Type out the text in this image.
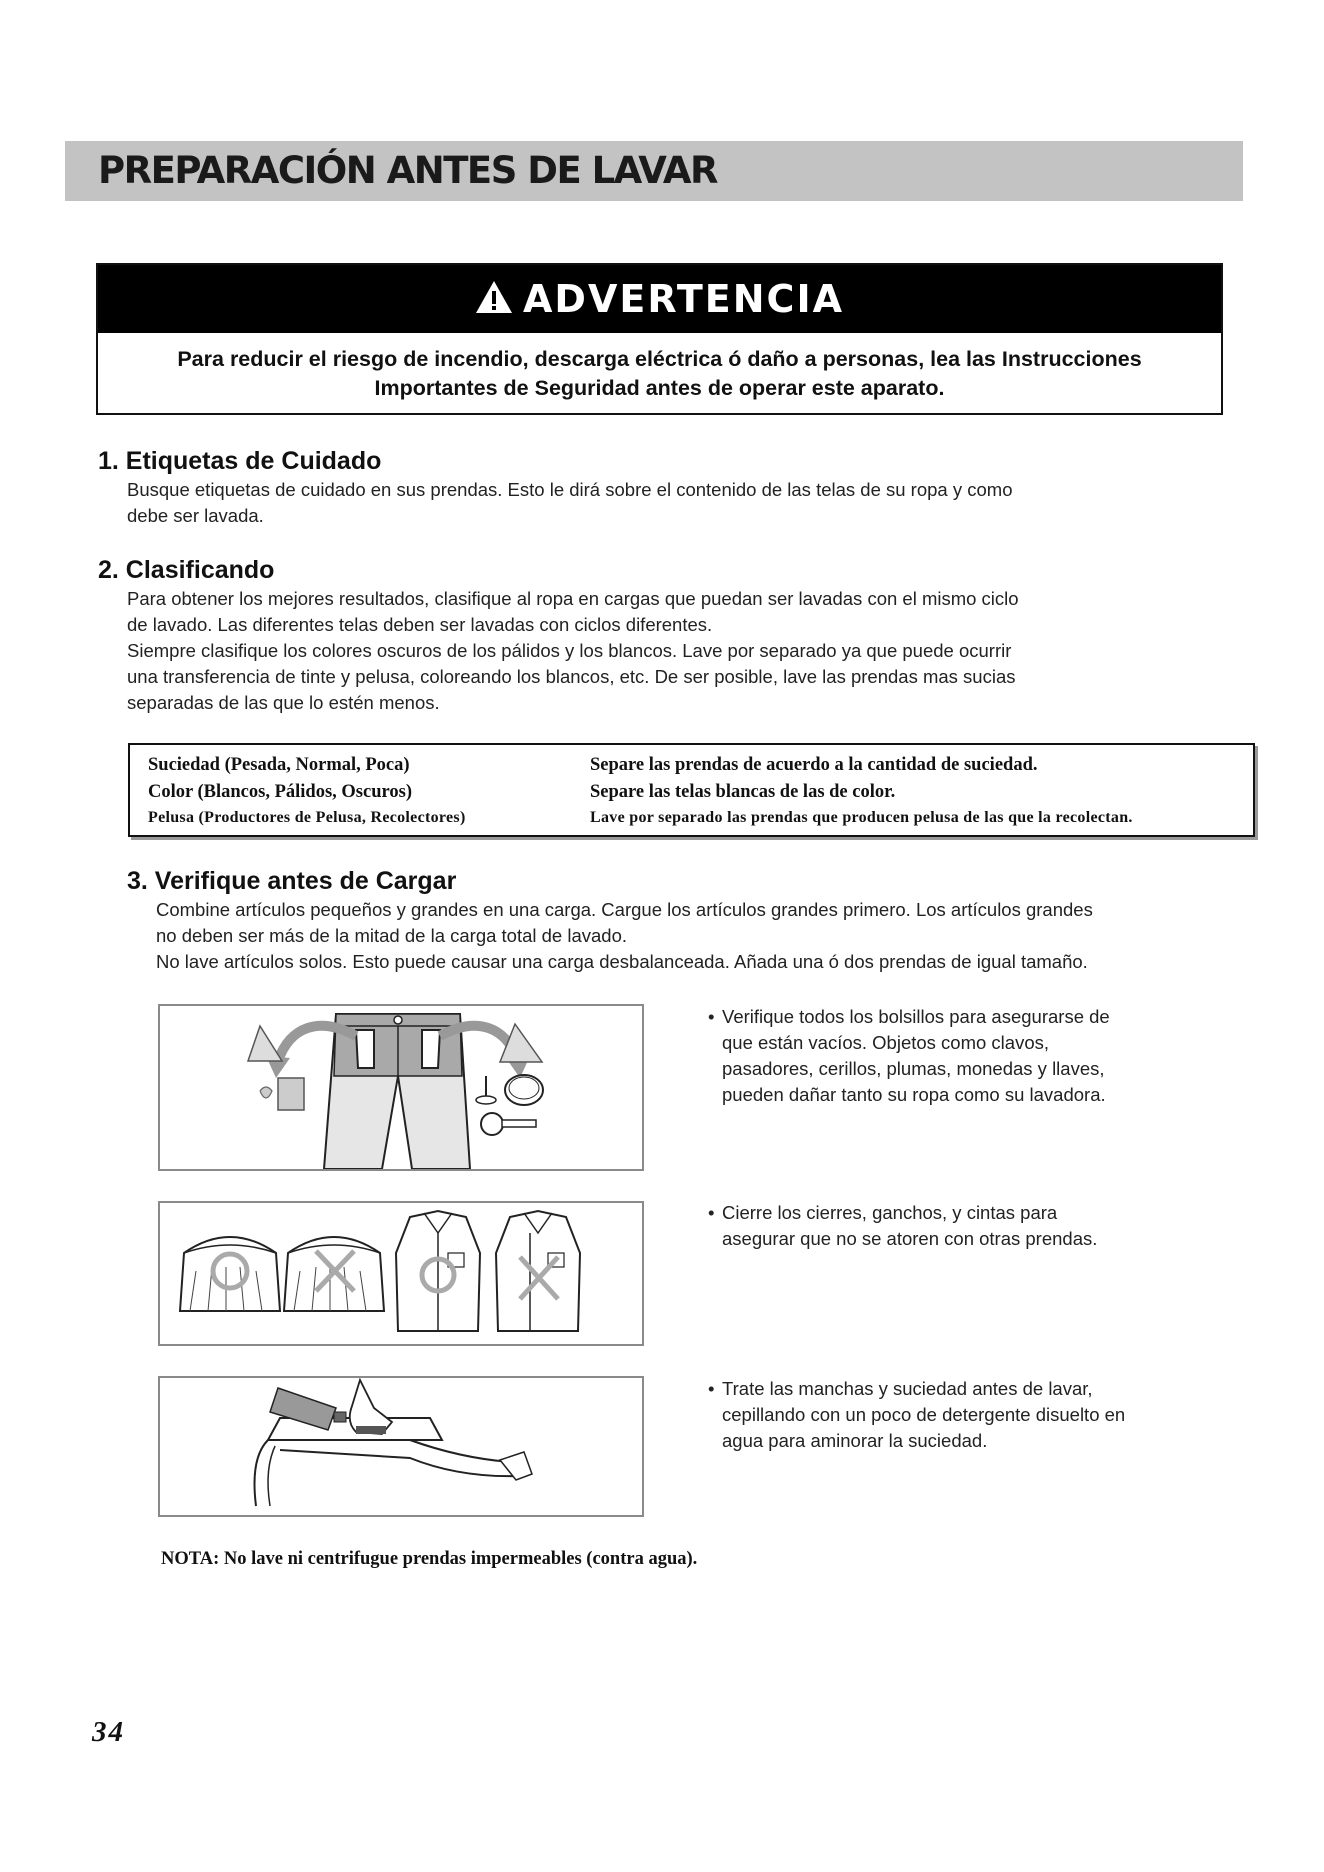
PREPARACIÓN ANTES DE LAVAR
ADVERTENCIA
Para reducir el riesgo de incendio, descarga eléctrica ó daño a personas, lea las Instrucciones
Importantes de Seguridad antes de operar este aparato.
1. Etiquetas de Cuidado
Busque etiquetas de cuidado en sus prendas. Esto le dirá sobre el contenido de las telas de su ropa y como
debe ser lavada.
2. Clasificando
Para obtener los mejores resultados, clasifique al ropa en cargas que puedan ser lavadas con el mismo ciclo
de lavado. Las diferentes telas deben ser lavadas con ciclos diferentes.
Siempre clasifique los colores oscuros de los pálidos y los blancos. Lave por separado ya que puede ocurrir
una transferencia de tinte y pelusa, coloreando los blancos, etc. De ser posible, lave las prendas mas sucias
separadas de las que lo estén menos.
Suciedad (Pesada, Normal, Poca)	Separe las prendas de acuerdo a la cantidad de suciedad.
Color (Blancos, Pálidos, Oscuros)	Separe las telas blancas de las de color.
Pelusa (Productores de Pelusa, Recolectores)	Lave por separado las prendas que producen pelusa de las que la recolectan.
3. Verifique antes de Cargar
Combine artículos pequeños y grandes en una carga. Cargue los artículos grandes primero. Los artículos grandes
no deben ser más de la mitad de la carga total de lavado.
No lave artículos solos. Esto puede causar una carga desbalanceada. Añada una ó dos prendas de igual tamaño.
• Verifique todos los bolsillos para asegurarse de
que están vacíos. Objetos como clavos,
pasadores, cerillos, plumas, monedas y llaves,
pueden dañar tanto su ropa como su lavadora.
• Cierre los cierres, ganchos, y cintas para
asegurar que no se atoren con otras prendas.
• Trate las manchas y suciedad antes de lavar,
cepillando con un poco de detergente disuelto en
agua para aminorar la suciedad.
NOTA: No lave ni centrifugue prendas impermeables (contra agua).
34
